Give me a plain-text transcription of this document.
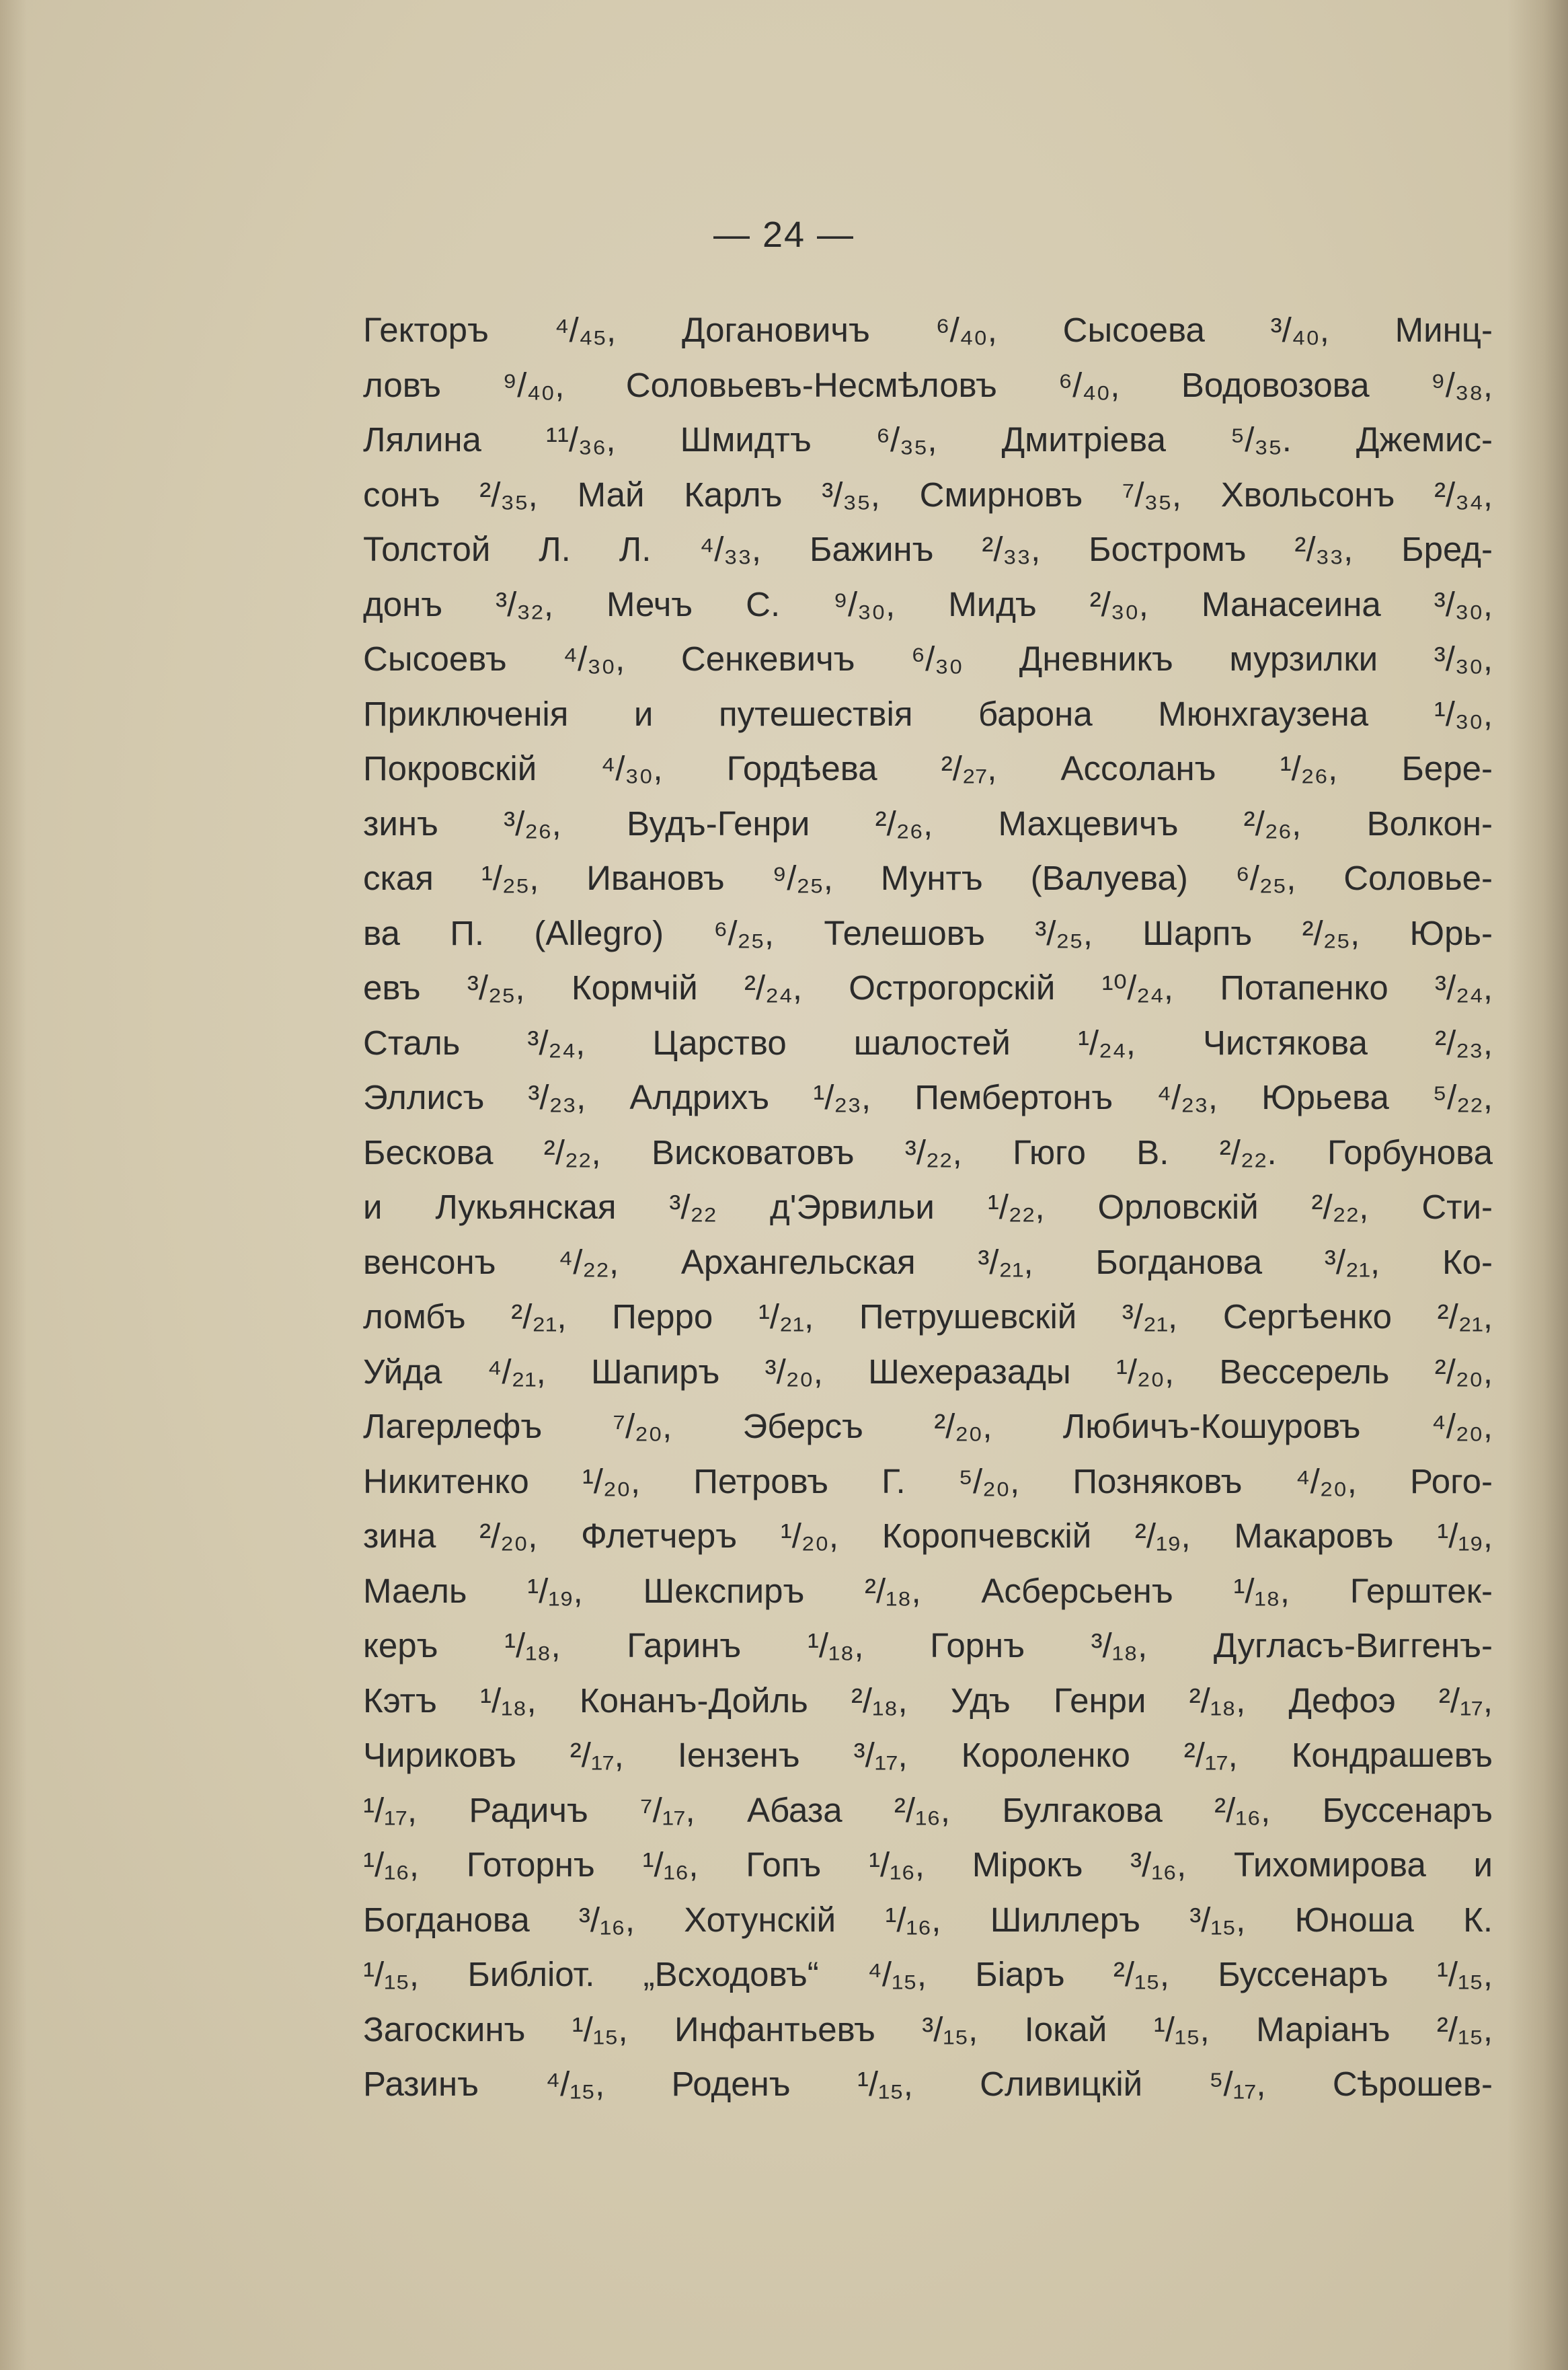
— 24 —
Гекторъ ⁴/₄₅, Догановичъ ⁶/₄₀, Сысоева ³/₄₀, Минц-
ловъ ⁹/₄₀, Соловьевъ-Несмѣловъ ⁶/₄₀, Водовозова ⁹/₃₈,
Лялина ¹¹/₃₆, Шмидтъ ⁶/₃₅, Дмитріева ⁵/₃₅. Джемис-
сонъ ²/₃₅, Май Карлъ ³/₃₅, Смирновъ ⁷/₃₅, Хвольсонъ ²/₃₄,
Толстой Л. Л. ⁴/₃₃, Бажинъ ²/₃₃, Бостромъ ²/₃₃, Бред-
донъ ³/₃₂, Мечъ С. ⁹/₃₀, Мидъ ²/₃₀, Манасеина ³/₃₀,
Сысоевъ ⁴/₃₀, Сенкевичъ ⁶/₃₀ Дневникъ мурзилки ³/₃₀,
Приключенія и путешествія барона Мюнхгаузена ¹/₃₀,
Покровскій ⁴/₃₀, Гордѣева ²/₂₇, Ассоланъ ¹/₂₆, Бере-
зинъ ³/₂₆, Вудъ-Генри ²/₂₆, Махцевичъ ²/₂₆, Волкон-
ская ¹/₂₅, Ивановъ ⁹/₂₅, Мунтъ (Валуева) ⁶/₂₅, Соловье-
ва П. (Allegro) ⁶/₂₅, Телешовъ ³/₂₅, Шарпъ ²/₂₅, Юрь-
евъ ³/₂₅, Кормчій ²/₂₄, Острогорскій ¹⁰/₂₄, Потапенко ³/₂₄,
Сталь ³/₂₄, Царство шалостей ¹/₂₄, Чистякова ²/₂₃,
Эллисъ ³/₂₃, Алдрихъ ¹/₂₃, Пембертонъ ⁴/₂₃, Юрьева ⁵/₂₂,
Бескова ²/₂₂, Висковатовъ ³/₂₂, Гюго В. ²/₂₂. Горбунова
и Лукьянская ³/₂₂ д'Эрвильи ¹/₂₂, Орловскій ²/₂₂, Сти-
венсонъ ⁴/₂₂, Архангельская ³/₂₁, Богданова ³/₂₁, Ко-
ломбъ ²/₂₁, Перро ¹/₂₁, Петрушевскій ³/₂₁, Сергѣенко ²/₂₁,
Уйда ⁴/₂₁, Шапиръ ³/₂₀, Шехеразады ¹/₂₀, Вессерель ²/₂₀,
Лагерлефъ ⁷/₂₀, Эберсъ ²/₂₀, Любичъ-Кошуровъ ⁴/₂₀,
Никитенко ¹/₂₀, Петровъ Г. ⁵/₂₀, Позняковъ ⁴/₂₀, Рого-
зина ²/₂₀, Флетчеръ ¹/₂₀, Коропчевскій ²/₁₉, Макаровъ ¹/₁₉,
Маель ¹/₁₉, Шекспиръ ²/₁₈, Асберсьенъ ¹/₁₈, Герштек-
керъ ¹/₁₈, Гаринъ ¹/₁₈, Горнъ ³/₁₈, Дугласъ-Виггенъ-
Кэтъ ¹/₁₈, Конанъ-Дойль ²/₁₈, Удъ Генри ²/₁₈, Дефоэ ²/₁₇,
Чириковъ ²/₁₇, Іензенъ ³/₁₇, Короленко ²/₁₇, Кондрашевъ
¹/₁₇, Радичъ ⁷/₁₇, Абаза ²/₁₆, Булгакова ²/₁₆, Буссенаръ
¹/₁₆, Готорнъ ¹/₁₆, Гопъ ¹/₁₆, Мірокъ ³/₁₆, Тихомирова и
Богданова ³/₁₆, Хотунскій ¹/₁₆, Шиллеръ ³/₁₅, Юноша К.
¹/₁₅, Библіот. „Всходовъ“ ⁴/₁₅, Біаръ ²/₁₅, Буссенаръ ¹/₁₅,
Загоскинъ ¹/₁₅, Инфантьевъ ³/₁₅, Іокай ¹/₁₅, Маріанъ ²/₁₅,
Разинъ ⁴/₁₅, Роденъ ¹/₁₅, Сливицкій ⁵/₁₇, Сѣрошев-
